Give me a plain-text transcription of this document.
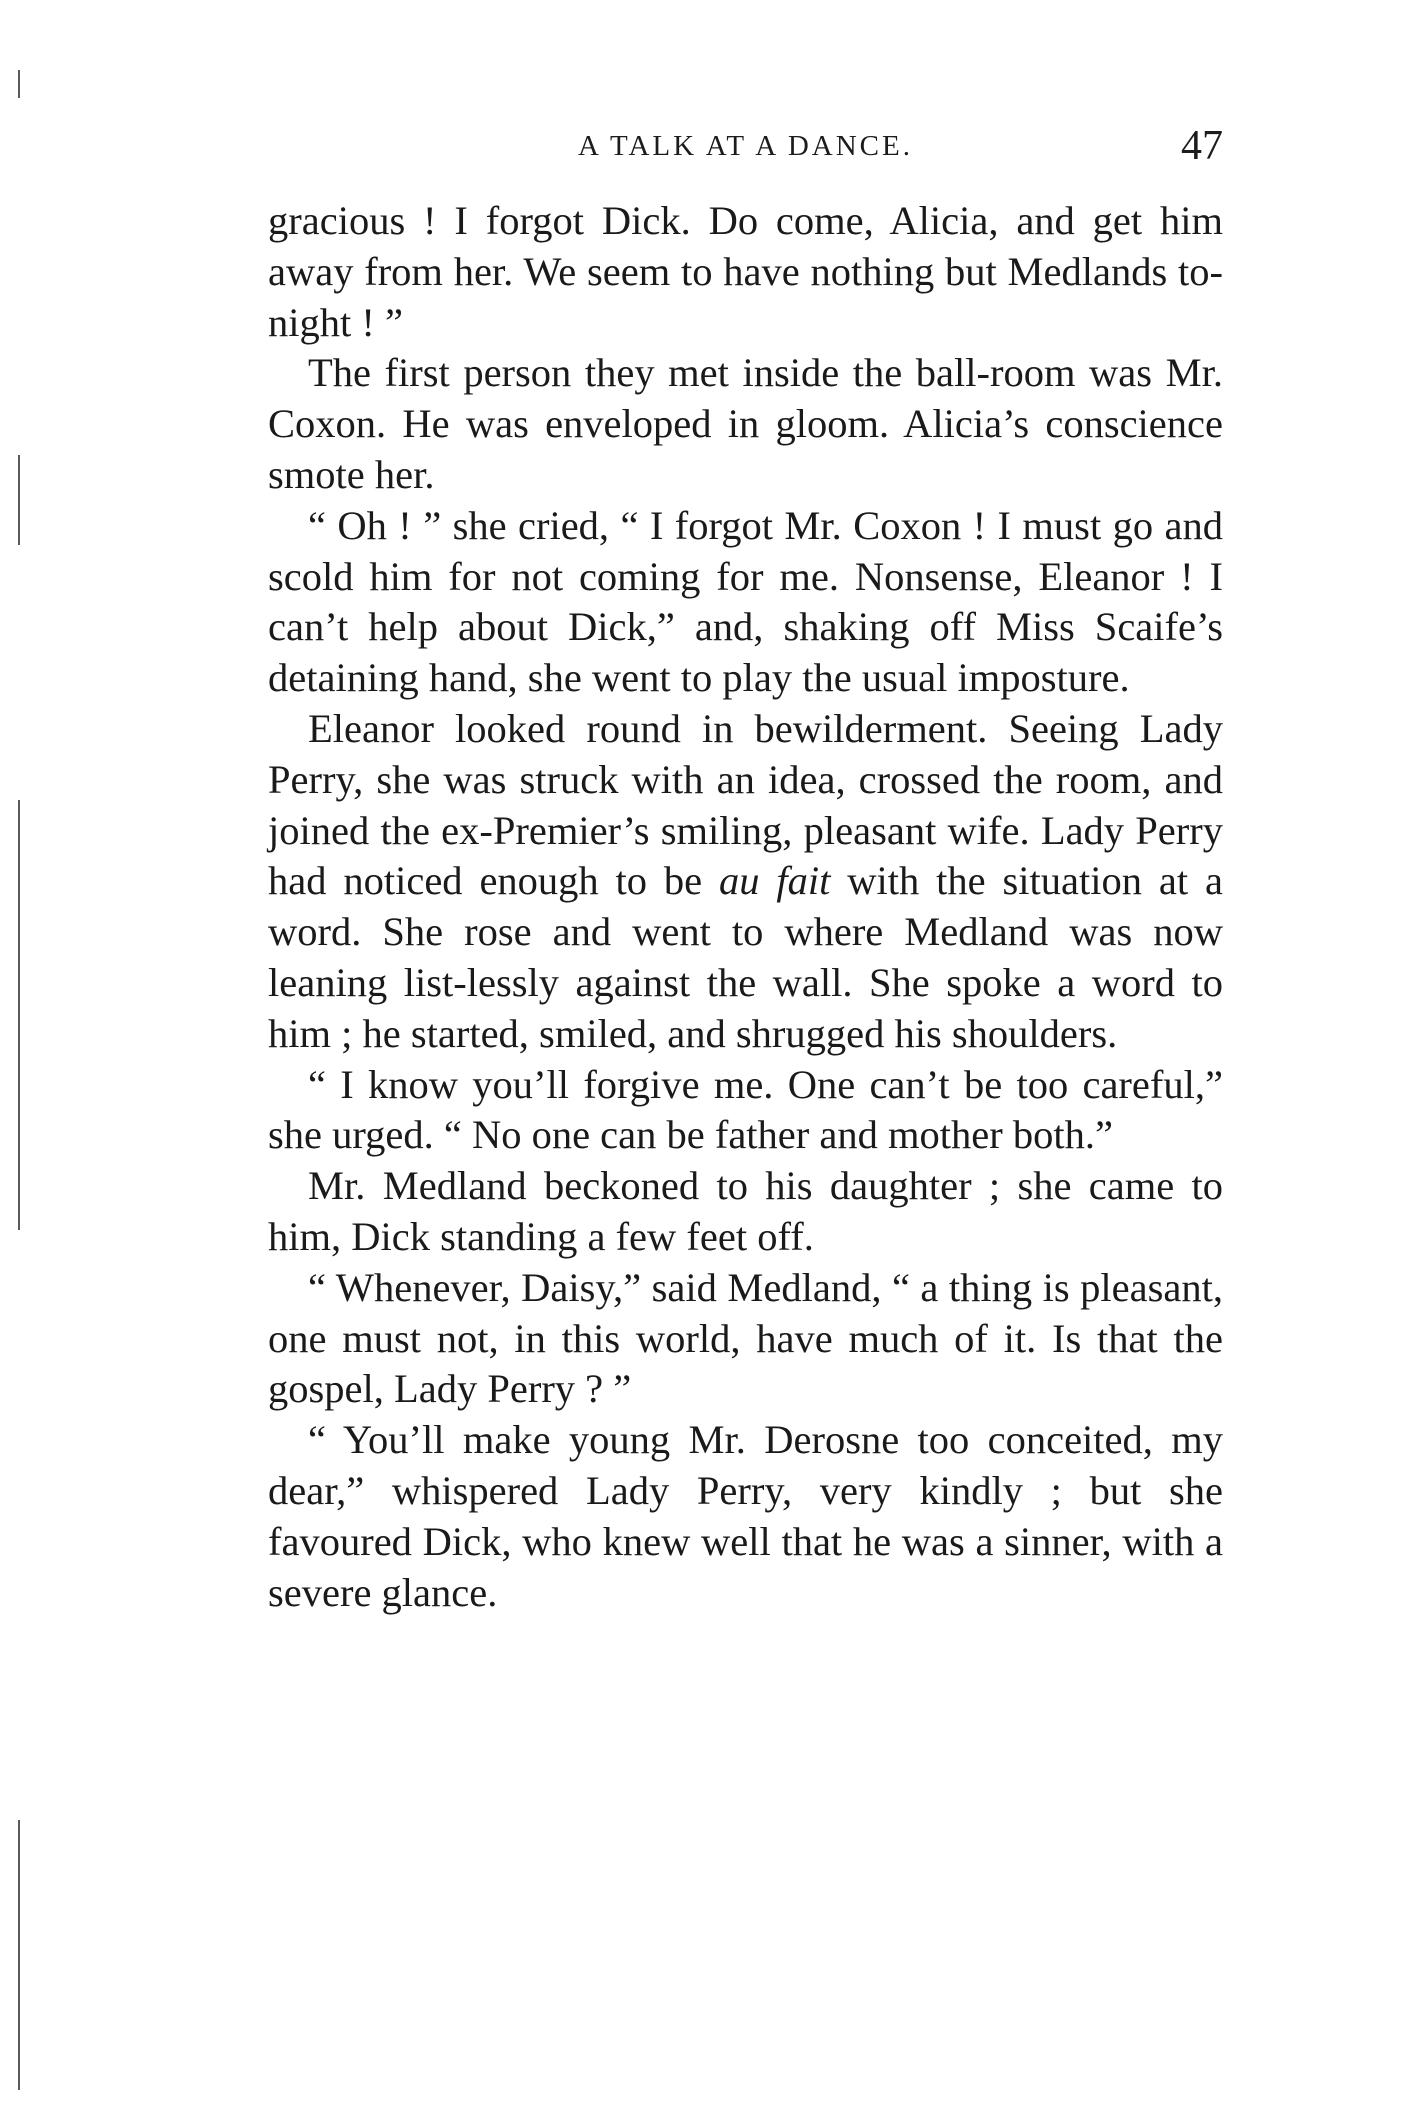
A TALK AT A DANCE.	47

gracious ! I forgot Dick. Do come, Alicia, and get him away from her. We seem to have nothing but Medlands to-night ! ”

The first person they met inside the ball-room was Mr. Coxon. He was enveloped in gloom. Alicia’s conscience smote her.

“ Oh ! ” she cried, “ I forgot Mr. Coxon ! I must go and scold him for not coming for me. Nonsense, Eleanor ! I can’t help about Dick,” and, shaking off Miss Scaife’s detaining hand, she went to play the usual imposture.

Eleanor looked round in bewilderment. Seeing Lady Perry, she was struck with an idea, crossed the room, and joined the ex-Premier’s smiling, pleasant wife. Lady Perry had noticed enough to be au fait with the situation at a word. She rose and went to where Medland was now leaning list-lessly against the wall. She spoke a word to him ; he started, smiled, and shrugged his shoulders.

“ I know you’ll forgive me. One can’t be too careful,” she urged. “ No one can be father and mother both.”

Mr. Medland beckoned to his daughter ; she came to him, Dick standing a few feet off.

“ Whenever, Daisy,” said Medland, “ a thing is pleasant, one must not, in this world, have much of it. Is that the gospel, Lady Perry ? ”

“ You’ll make young Mr. Derosne too conceited, my dear,” whispered Lady Perry, very kindly ; but she favoured Dick, who knew well that he was a sinner, with a severe glance.
